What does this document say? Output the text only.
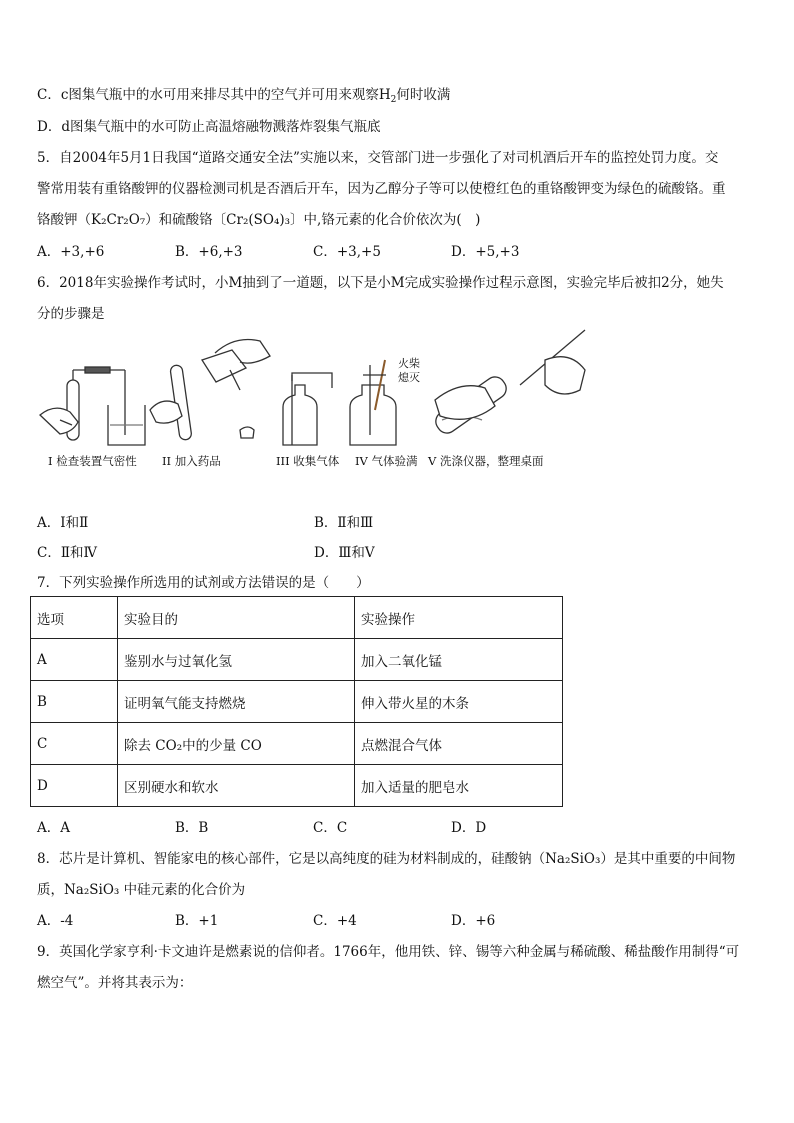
C．c图集气瓶中的水可用来排尽其中的空气并可用来观察$H_2$何时收满
D．d图集气瓶中的水可防止高温熔融物溅落炸裂集气瓶底
5．自2004年5月1日我国“道路交通安全法”实施以来，交管部门进一步强化了对司机酒后开车的监控处罚力度。交
警常用装有重铬酸钾的仪器检测司机是否酒后开车，因为乙醇分子等可以使橙红色的重铬酸钾变为绿色的硫酸铬。重
铬酸钾（K₂Cr₂O₇）和硫酸铬〔Cr₂(SO₄)₃〕中,铬元素的化合价依次为(　)
A．+3,+6	B．+6,+3	C．+3,+5	D．+5,+3
6．2018年实验操作考试时，小M抽到了一道题，以下是小M完成实验操作过程示意图，实验完毕后被扣2分，她失
分的步骤是
火柴
熄灭
I 检查装置气密性 II 加入药品	III 收集气体 IV 气体验满 V 洗涤仪器，整理桌面
A．Ⅰ和Ⅱ	B．Ⅱ和Ⅲ
C．Ⅱ和Ⅳ	D．Ⅲ和Ⅴ
7．下列实验操作所选用的试剂或方法错误的是（　　）
选项	实验目的	实验操作
A	鉴别水与过氧化氢	加入二氧化锰
B	证明氧气能支持燃烧	伸入带火星的木条
C	除去 CO₂中的少量 CO	点燃混合气体
D	区别硬水和软水	加入适量的肥皂水
A．A	B．B	C．C	D．D
8．芯片是计算机、智能家电的核心部件，它是以高纯度的硅为材料制成的，硅酸钠（Na₂SiO₃）是其中重要的中间物
质，Na₂SiO₃ 中硅元素的化合价为
A．-4	B．+1	C．+4	D．+6
9．英国化学家亨利·卡文迪许是燃素说的信仰者。1766年，他用铁、锌、锡等六种金属与稀硫酸、稀盐酸作用制得“可
燃空气”。并将其表示为：
